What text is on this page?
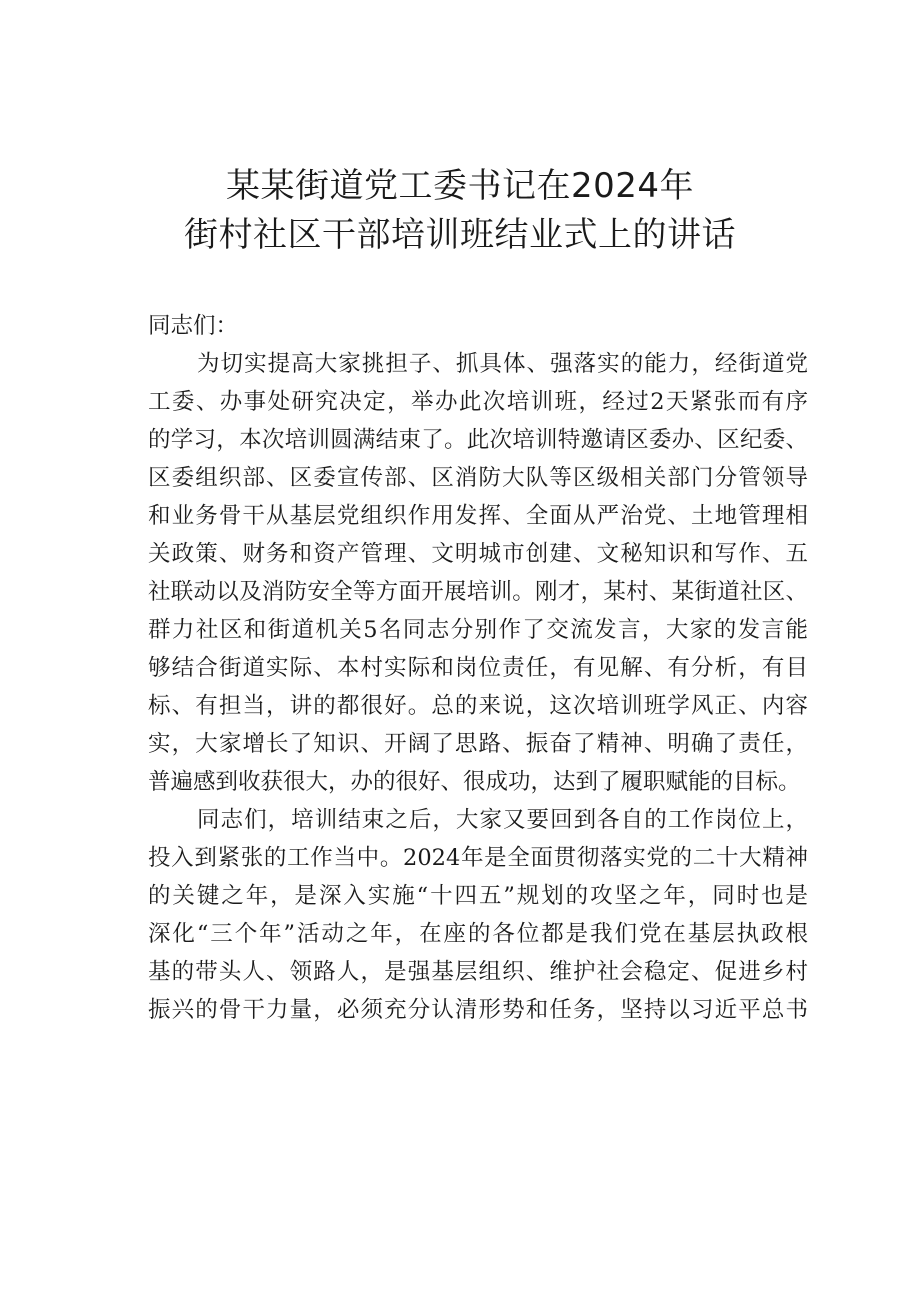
某某街道党工委书记在2024年
街村社区干部培训班结业式上的讲话
同志们：
为切实提高大家挑担子、抓具体、强落实的能力，经街道党
工委、办事处研究决定，举办此次培训班，经过2天紧张而有序
的学习，本次培训圆满结束了。此次培训特邀请区委办、区纪委、
区委组织部、区委宣传部、区消防大队等区级相关部门分管领导
和业务骨干从基层党组织作用发挥、全面从严治党、土地管理相
关政策、财务和资产管理、文明城市创建、文秘知识和写作、五
社联动以及消防安全等方面开展培训。刚才，某村、某街道社区、
群力社区和街道机关5名同志分别作了交流发言，大家的发言能
够结合街道实际、本村实际和岗位责任，有见解、有分析，有目
标、有担当，讲的都很好。总的来说，这次培训班学风正、内容
实，大家增长了知识、开阔了思路、振奋了精神、明确了责任，
普遍感到收获很大，办的很好、很成功，达到了履职赋能的目标。
同志们，培训结束之后，大家又要回到各自的工作岗位上，
投入到紧张的工作当中。2024年是全面贯彻落实党的二十大精神
的关键之年，是深入实施“十四五”规划的攻坚之年，同时也是
深化“三个年”活动之年，在座的各位都是我们党在基层执政根
基的带头人、领路人，是强基层组织、维护社会稳定、促进乡村
振兴的骨干力量，必须充分认清形势和任务，坚持以习近平总书
